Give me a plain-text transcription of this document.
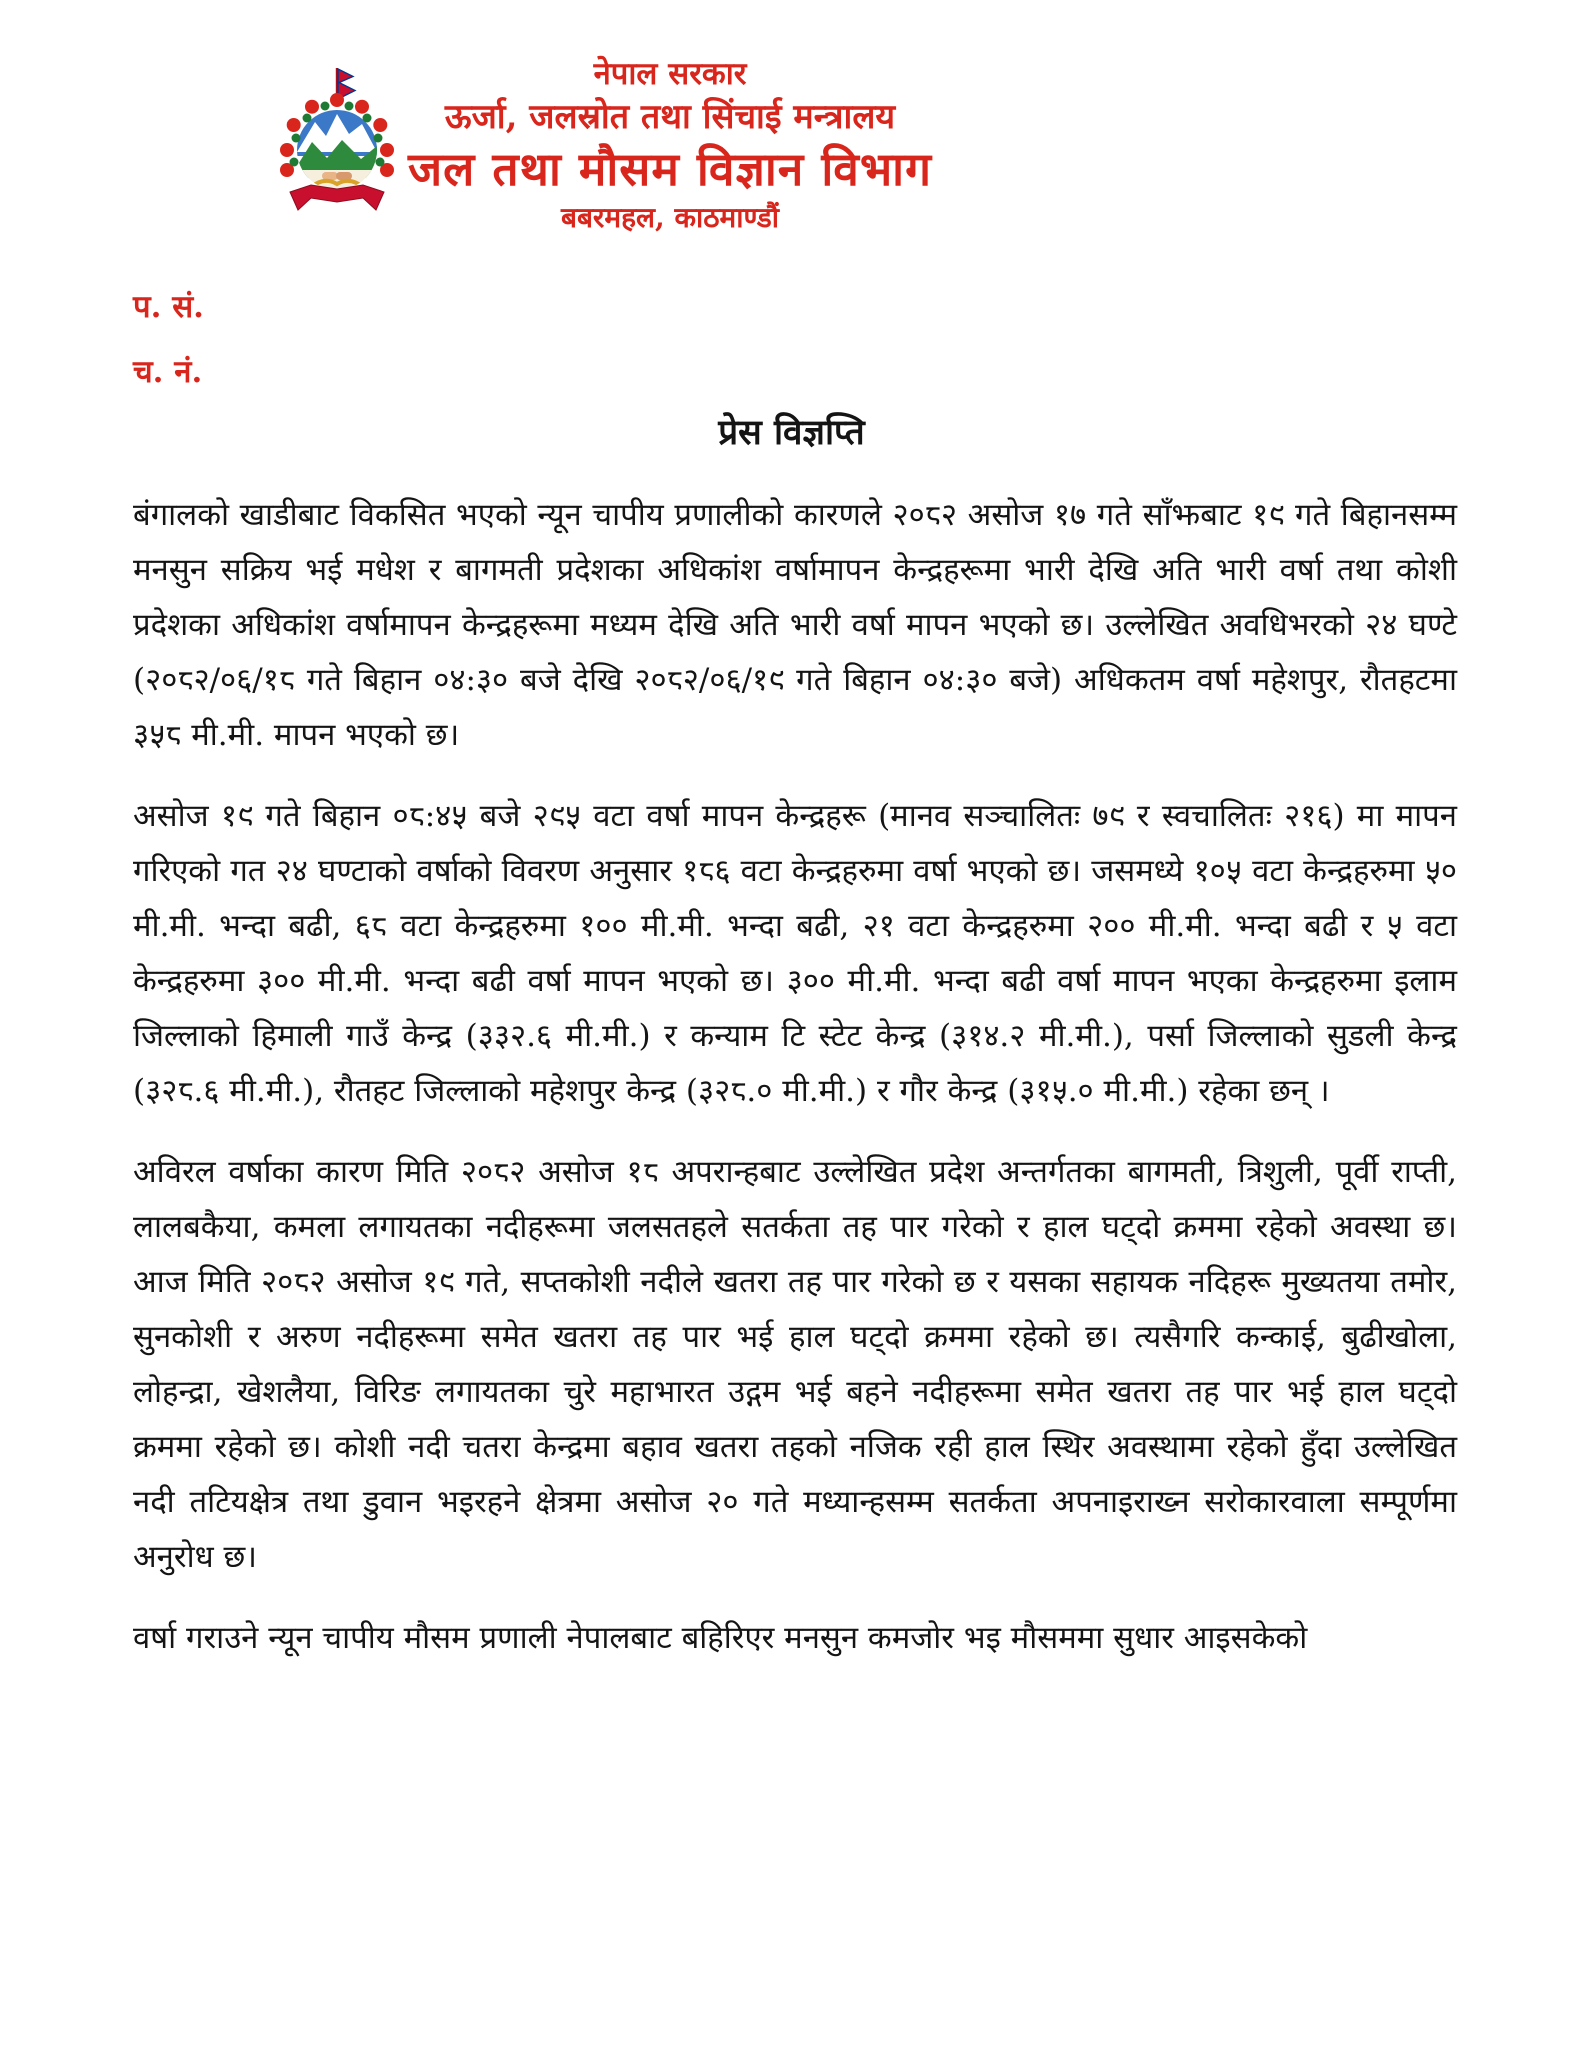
नेपाल सरकार
ऊर्जा, जलस्रोत तथा सिंचाई मन्त्रालय
जल तथा मौसम विज्ञान विभाग
बबरमहल, काठमाण्डौं
प. सं.
च. नं.
प्रेस विज्ञप्ति

बंगालको खाडीबाट विकसित भएको न्यून चापीय प्रणालीको कारणले २०८२ असोज १७ गते साँझबाट १९ गते बिहानसम्म मनसुन सक्रिय भई मधेश र बागमती प्रदेशका अधिकांश वर्षामापन केन्द्रहरूमा भारी देखि अति भारी वर्षा तथा कोशी प्रदेशका अधिकांश वर्षामापन केन्द्रहरूमा मध्यम देखि अति भारी वर्षा मापन भएको छ। उल्लेखित अवधिभरको २४ घण्टे (२०८२/०६/१८ गते बिहान ०४:३० बजे देखि २०८२/०६/१९ गते बिहान ०४:३० बजे) अधिकतम वर्षा महेशपुर, रौतहटमा ३५८ मी.मी. मापन भएको छ।

असोज १९ गते बिहान ०८:४५ बजे २९५ वटा वर्षा मापन केन्द्रहरू (मानव सञ्चालितः ७९ र स्वचालितः २१६) मा मापन गरिएको गत २४ घण्टाको वर्षाको विवरण अनुसार १८६ वटा केन्द्रहरुमा वर्षा भएको छ। जसमध्ये १०५ वटा केन्द्रहरुमा ५० मी.मी. भन्दा बढी, ६८ वटा केन्द्रहरुमा १०० मी.मी. भन्दा बढी, २१ वटा केन्द्रहरुमा २०० मी.मी. भन्दा बढी र ५ वटा केन्द्रहरुमा ३०० मी.मी. भन्दा बढी वर्षा मापन भएको छ। ३०० मी.मी. भन्दा बढी वर्षा मापन भएका केन्द्रहरुमा इलाम जिल्लाको हिमाली गाउँ केन्द्र (३३२.६ मी.मी.) र कन्याम टि स्टेट केन्द्र (३१४.२ मी.मी.), पर्सा जिल्लाको सुडली केन्द्र (३२८.६ मी.मी.), रौतहट जिल्लाको महेशपुर केन्द्र (३२८.० मी.मी.) र गौर केन्द्र (३१५.० मी.मी.) रहेका छन् ।

अविरल वर्षाका कारण मिति २०८२ असोज १८ अपरान्हबाट उल्लेखित प्रदेश अन्तर्गतका बागमती, त्रिशुली, पूर्वी राप्ती, लालबकैया, कमला लगायतका नदीहरूमा जलसतहले सतर्कता तह पार गरेको र हाल घट्दो क्रममा रहेको अवस्था छ। आज मिति २०८२ असोज १९ गते, सप्तकोशी नदीले खतरा तह पार गरेको छ र यसका सहायक नदिहरू मुख्यतया तमोर, सुनकोशी र अरुण नदीहरूमा समेत खतरा तह पार भई हाल घट्दो क्रममा रहेको छ। त्यसैगरि कन्काई, बुढीखोला, लोहन्द्रा, खेशलैया, विरिङ लगायतका चुरे महाभारत उद्गम भई बहने नदीहरूमा समेत खतरा तह पार भई हाल घट्दो क्रममा रहेको छ। कोशी नदी चतरा केन्द्रमा बहाव खतरा तहको नजिक रही हाल स्थिर अवस्थामा रहेको हुँदा उल्लेखित नदी तटियक्षेत्र तथा डुवान भइरहने क्षेत्रमा असोज २० गते मध्यान्हसम्म सतर्कता अपनाइराख्न सरोकारवाला सम्पूर्णमा अनुरोध छ।

वर्षा गराउने न्यून चापीय मौसम प्रणाली नेपालबाट बहिरिएर मनसुन कमजोर भइ मौसममा सुधार आइसकेको
